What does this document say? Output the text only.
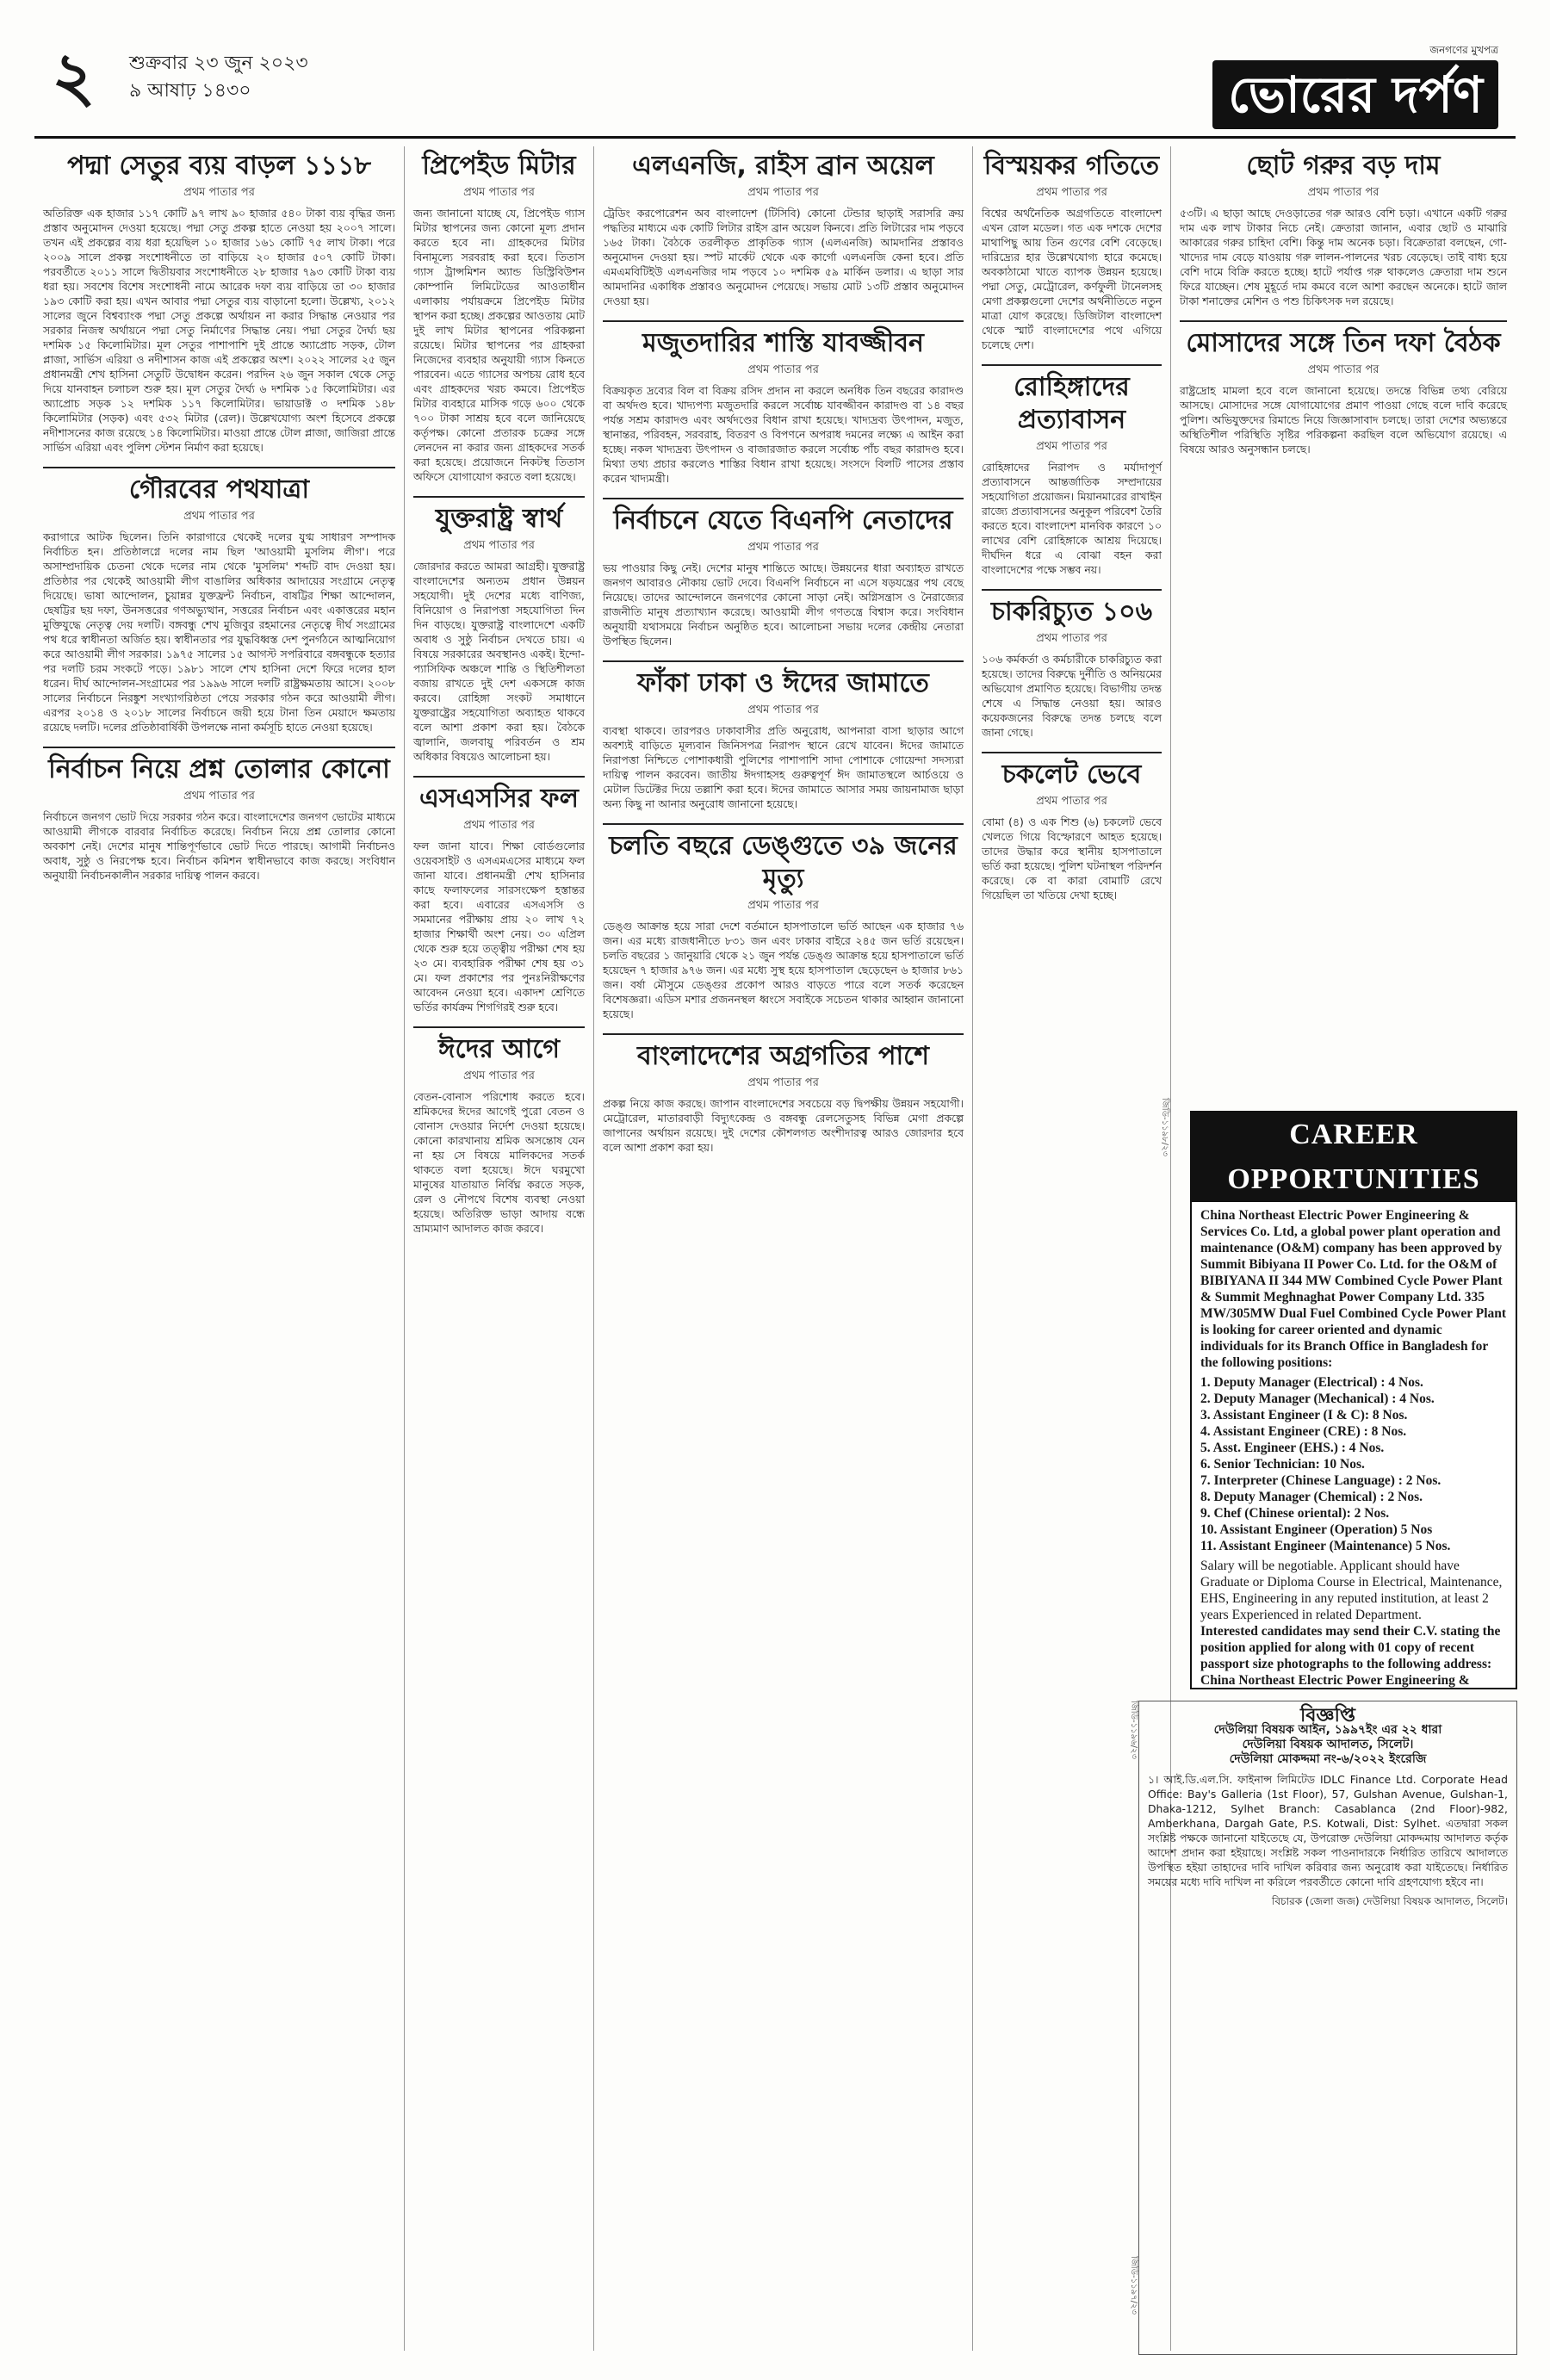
২ শুক্রবার ২৩ জুন ২০২৩
৯ আষাঢ় ১৪৩০
জনগণের মুখপত্র
ভোরের দর্পণ
পদ্মা সেতুর ব্যয় বাড়ল ১১১৮
প্রথম পাতার পর
অতিরিক্ত এক হাজার ১১৭ কোটি ৯৭ লাখ ৯০ হাজার ৫৪০ টাকা ব্যয় বৃদ্ধির জন্য প্রস্তাব অনুমোদন দেওয়া হয়েছে। পদ্মা সেতু প্রকল্প হাতে নেওয়া হয় ২০০৭ সালে। তখন এই প্রকল্পের ব্যয় ধরা হয়েছিল ১০ হাজার ১৬১ কোটি ৭৫ লাখ টাকা। পরে ২০০৯ সালে প্রকল্প সংশোধনীতে তা বাড়িয়ে ২০ হাজার ৫০৭ কোটি টাকা। পরবর্তীতে ২০১১ সালে দ্বিতীয়বার সংশোধনীতে ২৮ হাজার ৭৯৩ কোটি টাকা ব্যয় ধরা হয়। সবশেষ বিশেষ সংশোধনী নামে আরেক দফা ব্যয় বাড়িয়ে তা ৩০ হাজার ১৯৩ কোটি করা হয়। এখন আবার পদ্মা সেতুর ব্যয় বাড়ানো হলো। উল্লেখ্য, ২০১২ সালের জুনে বিশ্বব্যাংক পদ্মা সেতু প্রকল্পে অর্থায়ন না করার সিদ্ধান্ত নেওয়ার পর সরকার নিজস্ব অর্থায়নে পদ্মা সেতু নির্মাণের সিদ্ধান্ত নেয়। পদ্মা সেতুর দৈর্ঘ্য ছয় দশমিক ১৫ কিলোমিটার। মূল সেতুর পাশাপাশি দুই প্রান্তে অ্যাপ্রোচ সড়ক, টোল প্লাজা, সার্ভিস এরিয়া ও নদীশাসন কাজ এই প্রকল্পের অংশ। ২০২২ সালের ২৫ জুন প্রধানমন্ত্রী শেখ হাসিনা সেতুটি উদ্বোধন করেন। পরদিন ২৬ জুন সকাল থেকে সেতু দিয়ে যানবাহন চলাচল শুরু হয়। মূল সেতুর দৈর্ঘ্য ৬ দশমিক ১৫ কিলোমিটার। এর অ্যাপ্রোচ সড়ক ১২ দশমিক ১১৭ কিলোমিটার। ভায়াডাক্ট ৩ দশমিক ১৪৮ কিলোমিটার (সড়ক) এবং ৫৩২ মিটার (রেল)। উল্লেখযোগ্য অংশ হিসেবে প্রকল্পে নদীশাসনের কাজ রয়েছে ১৪ কিলোমিটার। মাওয়া প্রান্তে টোল প্লাজা, জাজিরা প্রান্তে সার্ভিস এরিয়া এবং পুলিশ স্টেশন নির্মাণ করা হয়েছে।
গৌরবের পথযাত্রা
প্রথম পাতার পর
করাগারে আটক ছিলেন। তিনি কারাগারে থেকেই দলের যুগ্ম সাধারণ সম্পাদক নির্বাচিত হন। প্রতিষ্ঠালগ্নে দলের নাম ছিল 'আওয়ামী মুসলিম লীগ'। পরে অসাম্প্রদায়িক চেতনা থেকে দলের নাম থেকে 'মুসলিম' শব্দটি বাদ দেওয়া হয়। প্রতিষ্ঠার পর থেকেই আওয়ামী লীগ বাঙালির অধিকার আদায়ের সংগ্রামে নেতৃত্ব দিয়েছে। ভাষা আন্দোলন, চুয়ান্নর যুক্তফ্রন্ট নির্বাচন, বাষট্টির শিক্ষা আন্দোলন, ছেষট্টির ছয় দফা, উনসত্তরের গণঅভ্যুত্থান, সত্তরের নির্বাচন এবং একাত্তরের মহান মুক্তিযুদ্ধে নেতৃত্ব দেয় দলটি। বঙ্গবন্ধু শেখ মুজিবুর রহমানের নেতৃত্বে দীর্ঘ সংগ্রামের পথ ধরে স্বাধীনতা অর্জিত হয়। স্বাধীনতার পর যুদ্ধবিধ্বস্ত দেশ পুনর্গঠনে আত্মনিয়োগ করে আওয়ামী লীগ সরকার। ১৯৭৫ সালের ১৫ আগস্ট সপরিবারে বঙ্গবন্ধুকে হত্যার পর দলটি চরম সংকটে পড়ে। ১৯৮১ সালে শেখ হাসিনা দেশে ফিরে দলের হাল ধরেন। দীর্ঘ আন্দোলন-সংগ্রামের পর ১৯৯৬ সালে দলটি রাষ্ট্রক্ষমতায় আসে। ২০০৮ সালের নির্বাচনে নিরঙ্কুশ সংখ্যাগরিষ্ঠতা পেয়ে সরকার গঠন করে আওয়ামী লীগ। এরপর ২০১৪ ও ২০১৮ সালের নির্বাচনে জয়ী হয়ে টানা তিন মেয়াদে ক্ষমতায় রয়েছে দলটি। দলের প্রতিষ্ঠাবার্ষিকী উপলক্ষে নানা কর্মসূচি হাতে নেওয়া হয়েছে।
নির্বাচন নিয়ে প্রশ্ন তোলার কোনো
প্রথম পাতার পর
নির্বাচনে জনগণ ভোট দিয়ে সরকার গঠন করে। বাংলাদেশের জনগণ ভোটের মাধ্যমে আওয়ামী লীগকে বারবার নির্বাচিত করেছে। নির্বাচন নিয়ে প্রশ্ন তোলার কোনো অবকাশ নেই। দেশের মানুষ শান্তিপূর্ণভাবে ভোট দিতে পারছে। আগামী নির্বাচনও অবাধ, সুষ্ঠু ও নিরপেক্ষ হবে। নির্বাচন কমিশন স্বাধীনভাবে কাজ করছে। সংবিধান অনুযায়ী নির্বাচনকালীন সরকার দায়িত্ব পালন করবে।
প্রিপেইড মিটার
প্রথম পাতার পর
জন্য জানানো যাচ্ছে যে, প্রিপেইড গ্যাস মিটার স্থাপনের জন্য কোনো মূল্য প্রদান করতে হবে না। গ্রাহকদের মিটার বিনামূল্যে সরবরাহ করা হবে। তিতাস গ্যাস ট্রান্সমিশন অ্যান্ড ডিস্ট্রিবিউশন কোম্পানি লিমিটেডের আওতাধীন এলাকায় পর্যায়ক্রমে প্রিপেইড মিটার স্থাপন করা হচ্ছে। প্রকল্পের আওতায় মোট দুই লাখ মিটার স্থাপনের পরিকল্পনা রয়েছে। মিটার স্থাপনের পর গ্রাহকরা নিজেদের ব্যবহার অনুযায়ী গ্যাস কিনতে পারবেন। এতে গ্যাসের অপচয় রোধ হবে এবং গ্রাহকদের খরচ কমবে। প্রিপেইড মিটার ব্যবহারে মাসিক গড়ে ৬০০ থেকে ৭০০ টাকা সাশ্রয় হবে বলে জানিয়েছে কর্তৃপক্ষ। কোনো প্রতারক চক্রের সঙ্গে লেনদেন না করার জন্য গ্রাহকদের সতর্ক করা হয়েছে। প্রয়োজনে নিকটস্থ তিতাস অফিসে যোগাযোগ করতে বলা হয়েছে।
যুক্তরাষ্ট্র স্বার্থ
প্রথম পাতার পর
জোরদার করতে আমরা আগ্রহী। যুক্তরাষ্ট্র বাংলাদেশের অন্যতম প্রধান উন্নয়ন সহযোগী। দুই দেশের মধ্যে বাণিজ্য, বিনিয়োগ ও নিরাপত্তা সহযোগিতা দিন দিন বাড়ছে। যুক্তরাষ্ট্র বাংলাদেশে একটি অবাধ ও সুষ্ঠু নির্বাচন দেখতে চায়। এ বিষয়ে সরকারের অবস্থানও একই। ইন্দো-প্যাসিফিক অঞ্চলে শান্তি ও স্থিতিশীলতা বজায় রাখতে দুই দেশ একসঙ্গে কাজ করবে। রোহিঙ্গা সংকট সমাধানে যুক্তরাষ্ট্রের সহযোগিতা অব্যাহত থাকবে বলে আশা প্রকাশ করা হয়। বৈঠকে জ্বালানি, জলবায়ু পরিবর্তন ও শ্রম অধিকার বিষয়েও আলোচনা হয়।
এসএসসির ফল
প্রথম পাতার পর
ফল জানা যাবে। শিক্ষা বোর্ডগুলোর ওয়েবসাইট ও এসএমএসের মাধ্যমে ফল জানা যাবে। প্রধানমন্ত্রী শেখ হাসিনার কাছে ফলাফলের সারসংক্ষেপ হস্তান্তর করা হবে। এবারের এসএসসি ও সমমানের পরীক্ষায় প্রায় ২০ লাখ ৭২ হাজার শিক্ষার্থী অংশ নেয়। ৩০ এপ্রিল থেকে শুরু হয়ে তত্ত্বীয় পরীক্ষা শেষ হয় ২৩ মে। ব্যবহারিক পরীক্ষা শেষ হয় ৩১ মে। ফল প্রকাশের পর পুনঃনিরীক্ষণের আবেদন নেওয়া হবে। একাদশ শ্রেণিতে ভর্তির কার্যক্রম শিগগিরই শুরু হবে।
ঈদের আগে
প্রথম পাতার পর
বেতন-বোনাস পরিশোধ করতে হবে। শ্রমিকদের ঈদের আগেই পুরো বেতন ও বোনাস দেওয়ার নির্দেশ দেওয়া হয়েছে। কোনো কারখানায় শ্রমিক অসন্তোষ যেন না হয় সে বিষয়ে মালিকদের সতর্ক থাকতে বলা হয়েছে। ঈদে ঘরমুখো মানুষের যাতায়াত নির্বিঘ্ন করতে সড়ক, রেল ও নৌপথে বিশেষ ব্যবস্থা নেওয়া হয়েছে। অতিরিক্ত ভাড়া আদায় বন্ধে ভ্রাম্যমাণ আদালত কাজ করবে।
এলএনজি, রাইস ব্রান অয়েল
প্রথম পাতার পর
ট্রেডিং করপোরেশন অব বাংলাদেশ (টিসিবি) কোনো টেন্ডার ছাড়াই সরাসরি ক্রয় পদ্ধতির মাধ্যমে এক কোটি লিটার রাইস ব্রান অয়েল কিনবে। প্রতি লিটারের দাম পড়বে ১৬৫ টাকা। বৈঠকে তরলীকৃত প্রাকৃতিক গ্যাস (এলএনজি) আমদানির প্রস্তাবও অনুমোদন দেওয়া হয়। স্পট মার্কেট থেকে এক কার্গো এলএনজি কেনা হবে। প্রতি এমএমবিটিইউ এলএনজির দাম পড়বে ১০ দশমিক ৫৯ মার্কিন ডলার। এ ছাড়া সার আমদানির একাধিক প্রস্তাবও অনুমোদন পেয়েছে। সভায় মোট ১৩টি প্রস্তাব অনুমোদন দেওয়া হয়।
মজুতদারির শাস্তি যাবজ্জীবন
প্রথম পাতার পর
বিক্রয়কৃত দ্রব্যের বিল বা বিক্রয় রসিদ প্রদান না করলে অনধিক তিন বছরের কারাদণ্ড বা অর্থদণ্ড হবে। খাদ্যপণ্য মজুতদারি করলে সর্বোচ্চ যাবজ্জীবন কারাদণ্ড বা ১৪ বছর পর্যন্ত সশ্রম কারাদণ্ড এবং অর্থদণ্ডের বিধান রাখা হয়েছে। খাদ্যদ্রব্য উৎপাদন, মজুত, স্থানান্তর, পরিবহন, সরবরাহ, বিতরণ ও বিপণনে অপরাধ দমনের লক্ষ্যে এ আইন করা হচ্ছে। নকল খাদ্যদ্রব্য উৎপাদন ও বাজারজাত করলে সর্বোচ্চ পাঁচ বছর কারাদণ্ড হবে। মিথ্যা তথ্য প্রচার করলেও শাস্তির বিধান রাখা হয়েছে। সংসদে বিলটি পাসের প্রস্তাব করেন খাদ্যমন্ত্রী।
নির্বাচনে যেতে বিএনপি নেতাদের
প্রথম পাতার পর
ভয় পাওয়ার কিছু নেই। দেশের মানুষ শান্তিতে আছে। উন্নয়নের ধারা অব্যাহত রাখতে জনগণ আবারও নৌকায় ভোট দেবে। বিএনপি নির্বাচনে না এসে ষড়যন্ত্রের পথ বেছে নিয়েছে। তাদের আন্দোলনে জনগণের কোনো সাড়া নেই। অগ্নিসন্ত্রাস ও নৈরাজ্যের রাজনীতি মানুষ প্রত্যাখ্যান করেছে। আওয়ামী লীগ গণতন্ত্রে বিশ্বাস করে। সংবিধান অনুযায়ী যথাসময়ে নির্বাচন অনুষ্ঠিত হবে। আলোচনা সভায় দলের কেন্দ্রীয় নেতারা উপস্থিত ছিলেন।
ফাঁকা ঢাকা ও ঈদের জামাতে
প্রথম পাতার পর
ব্যবস্থা থাকবে। তারপরও ঢাকাবাসীর প্রতি অনুরোধ, আপনারা বাসা ছাড়ার আগে অবশ্যই বাড়িতে মূল্যবান জিনিসপত্র নিরাপদ স্থানে রেখে যাবেন। ঈদের জামাতে নিরাপত্তা নিশ্চিতে পোশাকধারী পুলিশের পাশাপাশি সাদা পোশাকে গোয়েন্দা সদস্যরা দায়িত্ব পালন করবেন। জাতীয় ঈদগাহসহ গুরুত্বপূর্ণ ঈদ জামাতস্থলে আর্চওয়ে ও মেটাল ডিটেক্টর দিয়ে তল্লাশি করা হবে। ঈদের জামাতে আসার সময় জায়নামাজ ছাড়া অন্য কিছু না আনার অনুরোধ জানানো হয়েছে।
চলতি বছরে ডেঙ্গুতে ৩৯ জনের মৃত্যু
প্রথম পাতার পর
ডেঙ্গু আক্রান্ত হয়ে সারা দেশে বর্তমানে হাসপাতালে ভর্তি আছেন এক হাজার ৭৬ জন। এর মধ্যে রাজধানীতে ৮৩১ জন এবং ঢাকার বাইরে ২৪৫ জন ভর্তি রয়েছেন। চলতি বছরের ১ জানুয়ারি থেকে ২১ জুন পর্যন্ত ডেঙ্গু আক্রান্ত হয়ে হাসপাতালে ভর্তি হয়েছেন ৭ হাজার ৯৭৬ জন। এর মধ্যে সুস্থ হয়ে হাসপাতাল ছেড়েছেন ৬ হাজার ৮৬১ জন। বর্ষা মৌসুমে ডেঙ্গুর প্রকোপ আরও বাড়তে পারে বলে সতর্ক করেছেন বিশেষজ্ঞরা। এডিস মশার প্রজননস্থল ধ্বংসে সবাইকে সচেতন থাকার আহ্বান জানানো হয়েছে।
বাংলাদেশের অগ্রগতির পাশে
প্রথম পাতার পর
প্রকল্প নিয়ে কাজ করছে। জাপান বাংলাদেশের সবচেয়ে বড় দ্বিপক্ষীয় উন্নয়ন সহযোগী। মেট্রোরেল, মাতারবাড়ী বিদ্যুৎকেন্দ্র ও বঙ্গবন্ধু রেলসেতুসহ বিভিন্ন মেগা প্রকল্পে জাপানের অর্থায়ন রয়েছে। দুই দেশের কৌশলগত অংশীদারত্ব আরও জোরদার হবে বলে আশা প্রকাশ করা হয়।
বিস্ময়কর গতিতে
প্রথম পাতার পর
বিশ্বের অর্থনৈতিক অগ্রগতিতে বাংলাদেশ এখন রোল মডেল। গত এক দশকে দেশের মাথাপিছু আয় তিন গুণের বেশি বেড়েছে। দারিদ্র্যের হার উল্লেখযোগ্য হারে কমেছে। অবকাঠামো খাতে ব্যাপক উন্নয়ন হয়েছে। পদ্মা সেতু, মেট্রোরেল, কর্ণফুলী টানেলসহ মেগা প্রকল্পগুলো দেশের অর্থনীতিতে নতুন মাত্রা যোগ করেছে। ডিজিটাল বাংলাদেশ থেকে স্মার্ট বাংলাদেশের পথে এগিয়ে চলেছে দেশ।
রোহিঙ্গাদের প্রত্যাবাসন
প্রথম পাতার পর
রোহিঙ্গাদের নিরাপদ ও মর্যাদাপূর্ণ প্রত্যাবাসনে আন্তর্জাতিক সম্প্রদায়ের সহযোগিতা প্রয়োজন। মিয়ানমারের রাখাইন রাজ্যে প্রত্যাবাসনের অনুকূল পরিবেশ তৈরি করতে হবে। বাংলাদেশ মানবিক কারণে ১০ লাখের বেশি রোহিঙ্গাকে আশ্রয় দিয়েছে। দীর্ঘদিন ধরে এ বোঝা বহন করা বাংলাদেশের পক্ষে সম্ভব নয়।
চাকরিচ্যুত ১০৬
প্রথম পাতার পর
১০৬ কর্মকর্তা ও কর্মচারীকে চাকরিচ্যুত করা হয়েছে। তাদের বিরুদ্ধে দুর্নীতি ও অনিয়মের অভিযোগ প্রমাণিত হয়েছে। বিভাগীয় তদন্ত শেষে এ সিদ্ধান্ত নেওয়া হয়। আরও কয়েকজনের বিরুদ্ধে তদন্ত চলছে বলে জানা গেছে।
চকলেট ভেবে
প্রথম পাতার পর
বোমা (৪) ও এক শিশু (৬) চকলেট ভেবে খেলতে গিয়ে বিস্ফোরণে আহত হয়েছে। তাদের উদ্ধার করে স্থানীয় হাসপাতালে ভর্তি করা হয়েছে। পুলিশ ঘটনাস্থল পরিদর্শন করেছে। কে বা কারা বোমাটি রেখে গিয়েছিল তা খতিয়ে দেখা হচ্ছে।
ছোট গরুর বড় দাম
প্রথম পাতার পর
৫৩টি। এ ছাড়া আছে দেওড়াতের গরু আরও বেশি চড়া। এখানে একটি গরুর দাম এক লাখ টাকার নিচে নেই। ক্রেতারা জানান, এবার ছোট ও মাঝারি আকারের গরুর চাহিদা বেশি। কিন্তু দাম অনেক চড়া। বিক্রেতারা বলছেন, গো-খাদ্যের দাম বেড়ে যাওয়ায় গরু লালন-পালনের খরচ বেড়েছে। তাই বাধ্য হয়ে বেশি দামে বিক্রি করতে হচ্ছে। হাটে পর্যাপ্ত গরু থাকলেও ক্রেতারা দাম শুনে ফিরে যাচ্ছেন। শেষ মুহূর্তে দাম কমবে বলে আশা করছেন অনেকে। হাটে জাল টাকা শনাক্তের মেশিন ও পশু চিকিৎসক দল রয়েছে।
মোসাদের সঙ্গে তিন দফা বৈঠক
প্রথম পাতার পর
রাষ্ট্রদ্রোহ মামলা হবে বলে জানানো হয়েছে। তদন্তে বিভিন্ন তথ্য বেরিয়ে আসছে। মোসাদের সঙ্গে যোগাযোগের প্রমাণ পাওয়া গেছে বলে দাবি করেছে পুলিশ। অভিযুক্তদের রিমান্ডে নিয়ে জিজ্ঞাসাবাদ চলছে। তারা দেশের অভ্যন্তরে অস্থিতিশীল পরিস্থিতি সৃষ্টির পরিকল্পনা করছিল বলে অভিযোগ রয়েছে। এ বিষয়ে আরও অনুসন্ধান চলছে।
CAREER OPPORTUNITIES
China Northeast Electric Power Engineering & Services Co. Ltd, a global power plant operation and maintenance (O&M) company has been approved by Summit Bibiyana II Power Co. Ltd. for the O&M of BIBIYANA II 344 MW Combined Cycle Power Plant & Summit Meghnaghat Power Company Ltd. 335 MW/305MW Dual Fuel Combined Cycle Power Plant is looking for career oriented and dynamic individuals for its Branch Office in Bangladesh for the following positions:
1. Deputy Manager (Electrical) : 4 Nos.
2. Deputy Manager (Mechanical) : 4 Nos.
3. Assistant Engineer (I & C): 8 Nos.
4. Assistant Engineer (CRE) : 8 Nos.
5. Asst. Engineer (EHS.) : 4 Nos.
6. Senior Technician: 10 Nos.
7. Interpreter (Chinese Language) : 2 Nos.
8. Deputy Manager (Chemical) : 2 Nos.
9. Chef (Chinese oriental): 2 Nos.
10. Assistant Engineer (Operation) 5 Nos
11. Assistant Engineer (Maintenance) 5 Nos.
Salary will be negotiable. Applicant should have Graduate or Diploma Course in Electrical, Maintenance, EHS, Engineering in any reputed institution, at least 2 years Experienced in related Department.
Interested candidates may send their C.V. stating the position applied for along with 01 copy of recent passport size photographs to the following address: China Northeast Electric Power Engineering &
বিজ্ঞপ্তি
দেউলিয়া বিষয়ক আইন, ১৯৯৭ইং এর ২২ ধারা
দেউলিয়া বিষয়ক আদালত, সিলেট।
দেউলিয়া মোকদ্দমা নং-৬/২০২২ ইংরেজি
১। আই.ডি.এল.সি. ফাইনান্স লিমিটেড IDLC Finance Ltd. Corporate Head Office: Bay's Galleria (1st Floor), 57, Gulshan Avenue, Gulshan-1, Dhaka-1212, Sylhet Branch: Casablanca (2nd Floor)-982, Amberkhana, Dargah Gate, P.S. Kotwali, Dist: Sylhet. এতদ্বারা সকল সংশ্লিষ্ট পক্ষকে জানানো যাইতেছে যে, উপরোক্ত দেউলিয়া মোকদ্দমায় আদালত কর্তৃক আদেশ প্রদান করা হইয়াছে। সংশ্লিষ্ট সকল পাওনাদারকে নির্ধারিত তারিখে আদালতে উপস্থিত হইয়া তাহাদের দাবি দাখিল করিবার জন্য অনুরোধ করা যাইতেছে। নির্ধারিত সময়ের মধ্যে দাবি দাখিল না করিলে পরবর্তীতে কোনো দাবি গ্রহণযোগ্য হইবে না।
বিচারক (জেলা জজ) দেউলিয়া বিষয়ক আদালত, সিলেট।
জিডি-১১৯৮/২৩
জিডি-১১৯৬/২৩
জিডি-১১৯৭/২৩
